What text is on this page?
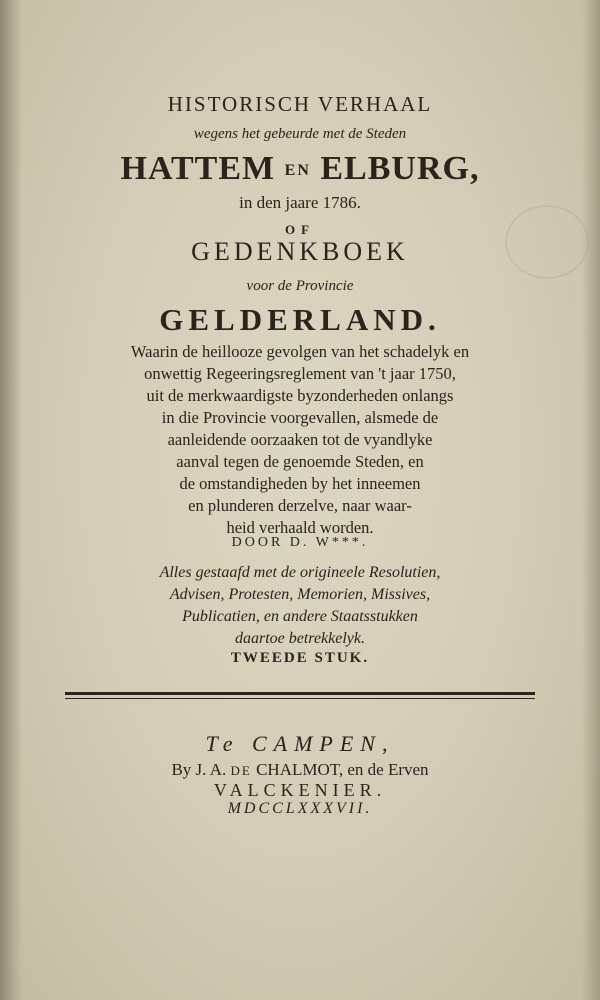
HISTORISCH VERHAAL
wegens het gebeurde met de Steden
HATTEM EN ELBURG,
in den jaare 1786.
OF
GEDENKBOEK
voor de Provincie
GELDERLAND.
Waarin de heillooze gevolgen van het schadelyk en
onwettig Regeeringsreglement van 't jaar 1750,
uit de merkwaardigste byzonderheden onlangs
in die Provincie voorgevallen, alsmede de
aanleidende oorzaaken tot de vyandlyke
aanval tegen de genoemde Steden, en
de omstandigheden by het inneemen
en plunderen derzelve, naar waar-
heid verhaald worden.
DOOR D. W***.
Alles gestaafd met de origineele Resolutien,
Advisen, Protesten, Memorien, Missives,
Publicatien, en andere Staatsstukken
daartoe betrekkelyk.
TWEEDE STUK.
Te CAMPEN,
By J. A. DE CHALMOT, en de Erven
VALCKENIER.
MDCCLXXXVII.
